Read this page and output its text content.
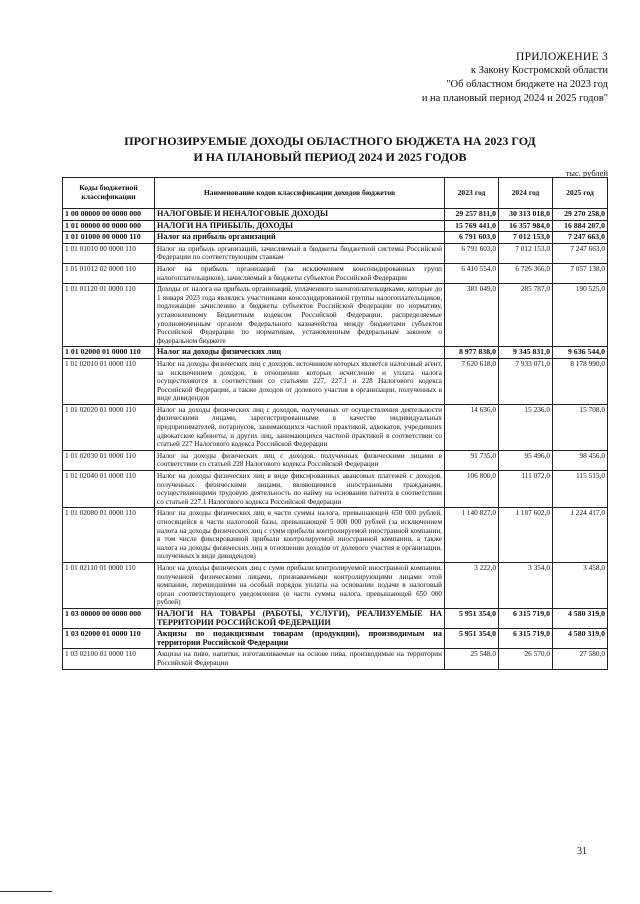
ПРИЛОЖЕНИЕ 3
к Закону Костромской области
"Об областном бюджете на 2023 год
и на плановый период 2024 и 2025 годов"
ПРОГНОЗИРУЕМЫЕ ДОХОДЫ ОБЛАСТНОГО БЮДЖЕТА НА 2023 ГОД
И НА ПЛАНОВЫЙ ПЕРИОД 2024 И 2025 ГОДОВ
тыс. рублей
Коды бюджетной классификации	Наименование кодов классификации доходов бюджетов	2023 год	2024 год	2025 год
1 00 00000 00 0000 000	НАЛОГОВЫЕ И НЕНАЛОГОВЫЕ ДОХОДЫ	29 257 811,0	30 313 018,0	29 270 258,0
1 01 00000 00 0000 000	НАЛОГИ НА ПРИБЫЛЬ, ДОХОДЫ	15 769 441,0	16 357 984,0	16 884 207,0
1 01 01000 00 0000 110	Налог на прибыль организаций	6 791 603,0	7 012 153,0	7 247 663,0
1 01 01010 00 0000 110	Налог на прибыль организаций, зачисляемый в бюджеты бюджетной системы Российской Федерации по соответствующим ставкам	6 791 603,0	7 012 153,0	7 247 663,0
1 01 01012 02 0000 110	Налог на прибыль организаций (за исключением консолидированных групп налогоплательщиков), зачисляемый в бюджеты субъектов Российской Федерации	6 410 554,0	6 726 366,0	7 057 138,0
1 01 01120 01 0000 110	Доходы от налога на прибыль организаций, уплаченного налогоплательщиками, которые до 1 января 2023 года являлись участниками консолидированной группы налогоплательщиков, подлежащие зачислению в бюджеты субъектов Российской Федерации по нормативу, установленному Бюджетным кодексом Российской Федерации, распределяемые уполномоченным органом Федерального казначейства между бюджетами субъектов Российской Федерации по нормативам, установленным федеральным законом о федеральном бюджете	381 049,0	285 787,0	190 525,0
1 01 02000 01 0000 110	Налог на доходы физических лиц	8 977 838,0	9 345 831,0	9 636 544,0
1 01 02010 01 0000 110	Налог на доходы физических лиц с доходов, источником которых является налоговый агент, за исключением доходов, в отношении которых исчисление и уплата налога осуществляются в соответствии со статьями 227, 227.1 и 228 Налогового кодекса Российской Федерации, а также доходов от долевого участия в организации, полученных в виде дивидендов	7 620 618,0	7 933 071,0	8 178 990,0
1 01 02020 01 0000 110	Налог на доходы физических лиц с доходов, полученных от осуществления деятельности физическими лицами, зарегистрированными в качестве индивидуальных предпринимателей, нотариусов, занимающихся частной практикой, адвокатов, учредивших адвокатские кабинеты, и других лиц, занимающихся частной практикой в соответствии со статьей 227 Налогового кодекса Российской Федерации	14 636,0	15 236,0	15 708,0
1 01 02030 01 0000 110	Налог на доходы физических лиц с доходов, полученных физическими лицами в соответствии со статьей 228 Налогового кодекса Российской Федерации	91 735,0	95 496,0	98 456,0
1 01 02040 01 0000 110	Налог на доходы физических лиц в виде фиксированных авансовых платежей с доходов, полученных физическими лицами, являющимися иностранными гражданами, осуществляющими трудовую деятельность по найму на основании патента в соответствии со статьей 227.1 Налогового кодекса Российской Федерации	106 800,0	111 072,0	115 515,0
1 01 02080 01 0000 110	Налог на доходы физических лиц в части суммы налога, превышающей 650 000 рублей, относящейся к части налоговой базы, превышающей 5 000 000 рублей (за исключением налога на доходы физических лиц с сумм прибыли контролируемой иностранной компании, в том числе фиксированной прибыли контролируемой иностранной компании, а также налога на доходы физических лиц в отношении доходов от долевого участия в организации, полученных в виде дивидендов)	1 140 827,0	1 187 602,0	1 224 417,0
1 01 02110 01 0000 110	Налог на доходы физических лиц с сумм прибыли контролируемой иностранной компании, полученной физическими лицами, признаваемыми контролирующими лицами этой компании, перешедшими на особый порядок уплаты на основании подачи в налоговый орган соответствующего уведомления (в части суммы налога, превышающей 650 000 рублей)	3 222,0	3 354,0	3 458,0
1 03 00000 00 0000 000	НАЛОГИ НА ТОВАРЫ (РАБОТЫ, УСЛУГИ), РЕАЛИЗУЕМЫЕ НА ТЕРРИТОРИИ РОССИЙСКОЙ ФЕДЕРАЦИИ	5 951 354,0	6 315 719,0	4 580 319,0
1 03 02000 01 0000 110	Акцизы по подакцизным товарам (продукции), производимым на территории Российской Федерации	5 951 354,0	6 315 719,0	4 580 319,0
1 03 02100 01 0000 110	Акцизы на пиво, напитки, изготавливаемые на основе пива, производимые на территории Российской Федерации	25 548,0	26 570,0	27 580,0
31
